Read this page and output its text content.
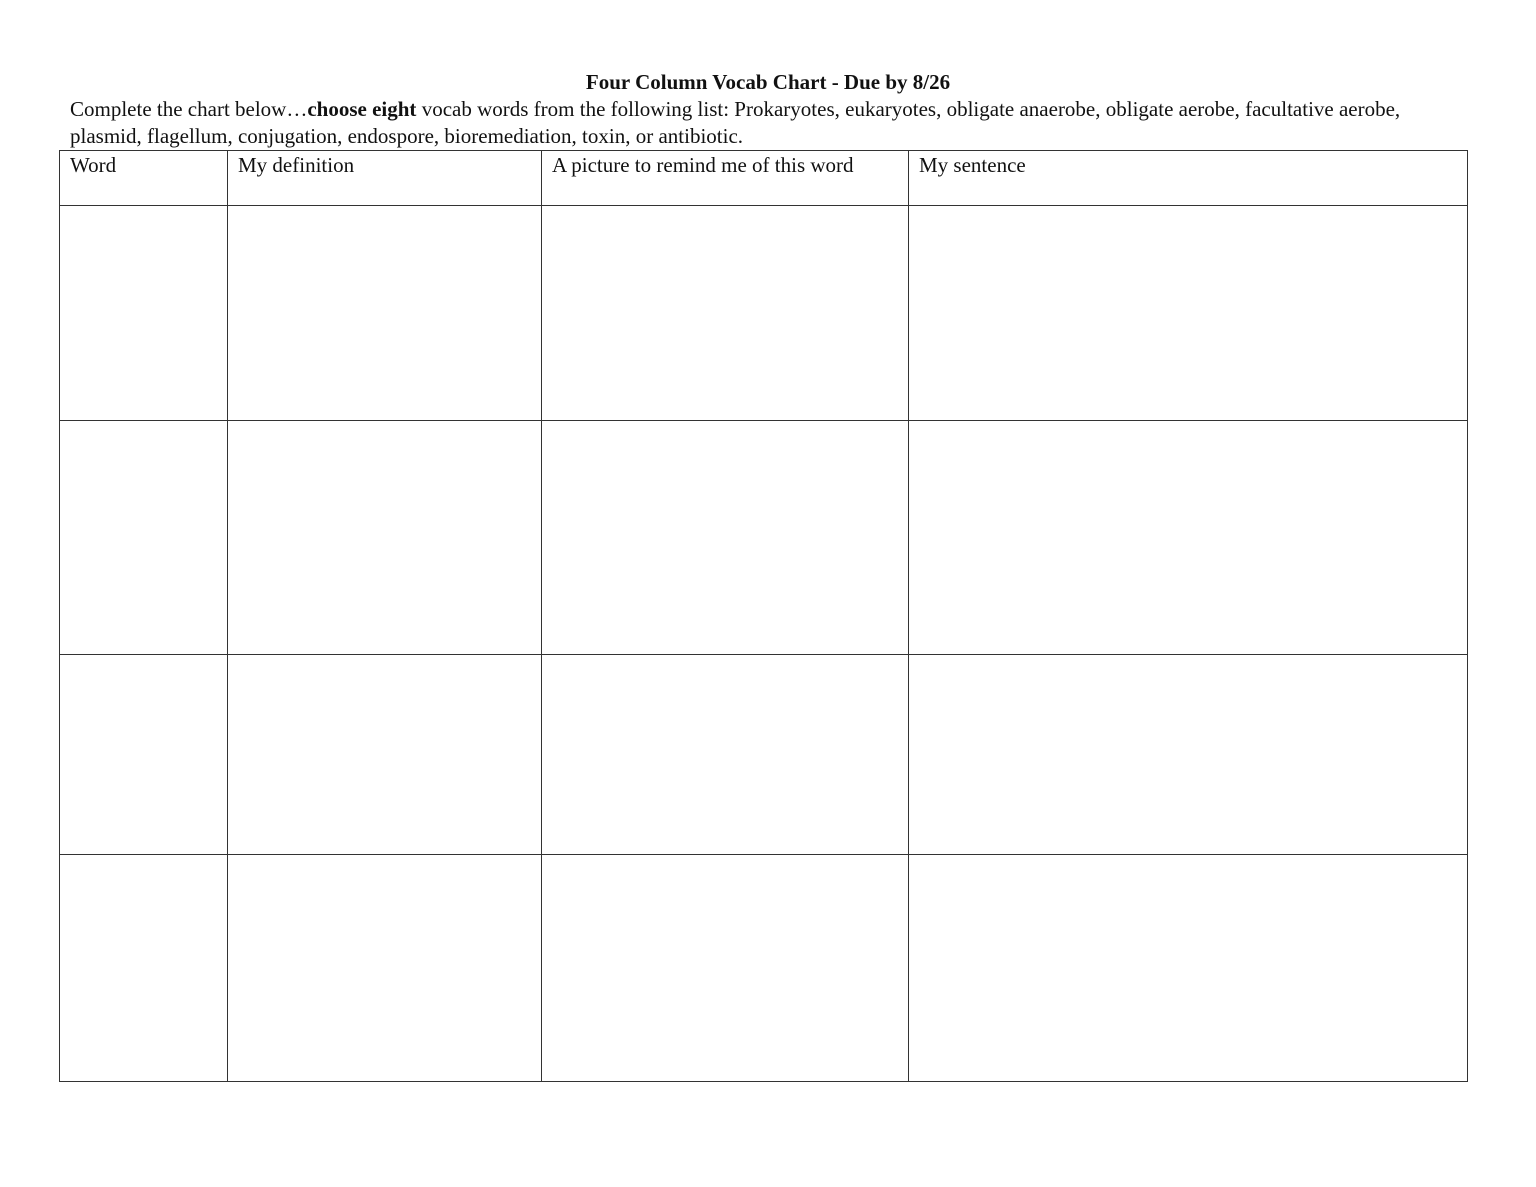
Four Column Vocab Chart - Due by 8/26
Complete the chart below…choose eight vocab words from the following list: Prokaryotes, eukaryotes, obligate anaerobe, obligate aerobe, facultative aerobe, plasmid, flagellum, conjugation, endospore, bioremediation, toxin, or antibiotic.
Word	My definition	A picture to remind me of this word	My sentence
